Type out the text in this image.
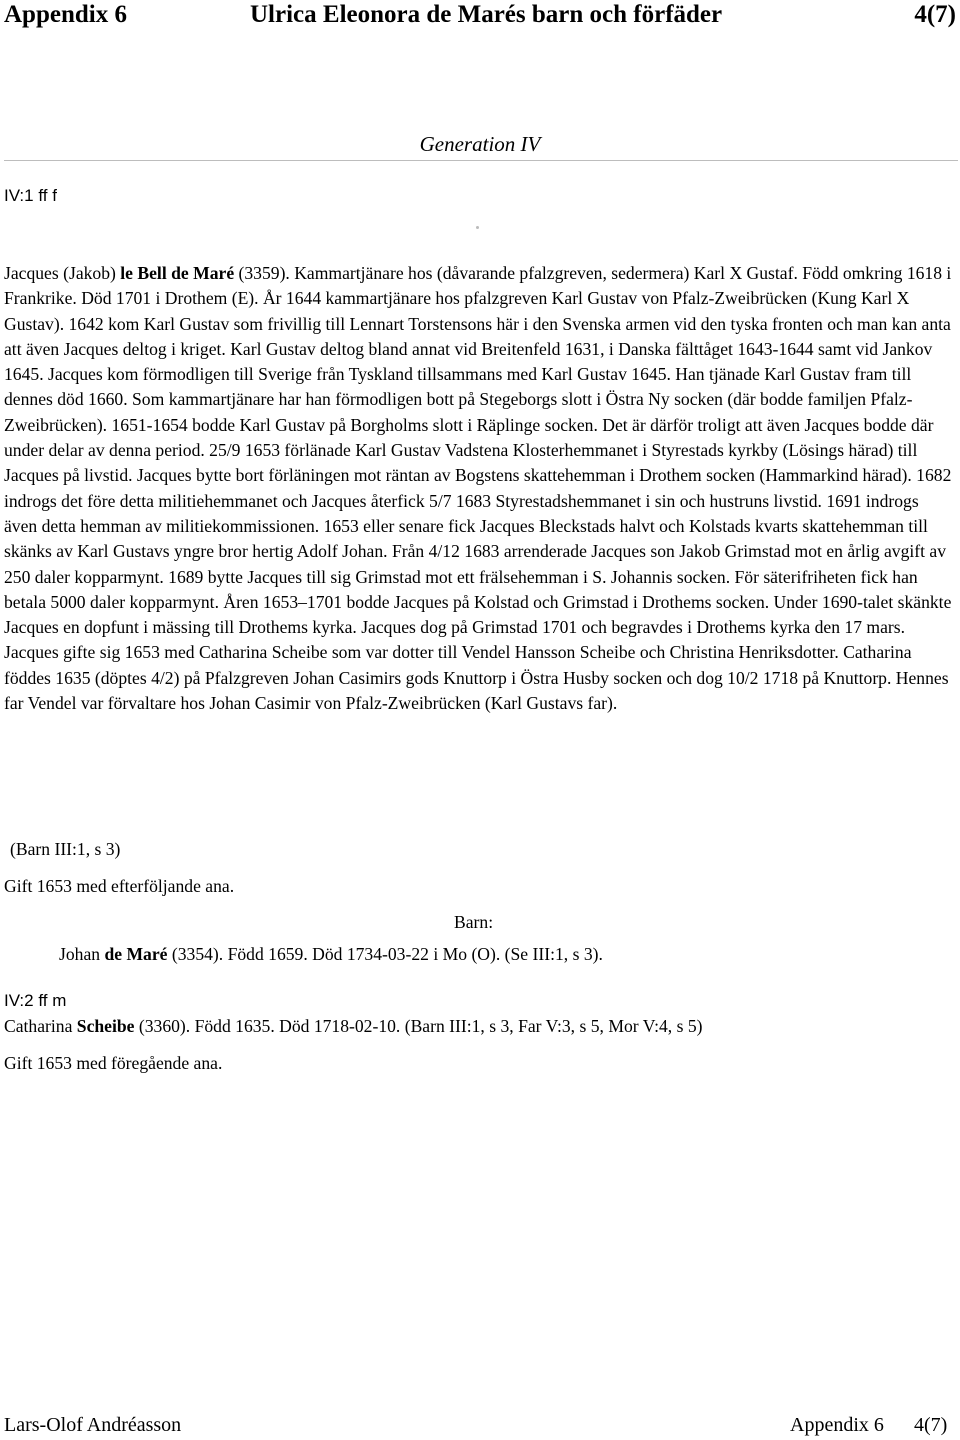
Appendix 6	Ulrica Eleonora de Marés barn och förfäder	4(7)
Generation IV
IV:1 ff f
Jacques (Jakob) le Bell de Maré (3359). Kammartjänare hos (dåvarande pfalzgreven, sedermera) Karl X Gustaf. Född omkring 1618 i Frankrike. Död 1701 i Drothem (E). År 1644 kammartjänare hos pfalzgreven Karl Gustav von Pfalz-Zweibrücken (Kung Karl X Gustav). 1642 kom Karl Gustav som frivillig till Lennart Torstensons här i den Svenska armen vid den tyska fronten och man kan anta att även Jacques deltog i kriget. Karl Gustav deltog bland annat vid Breitenfeld 1631, i Danska fälttåget 1643-1644 samt vid Jankov 1645. Jacques kom förmodligen till Sverige från Tyskland tillsammans med Karl Gustav 1645. Han tjänade Karl Gustav fram till dennes död 1660. Som kammartjänare har han förmodligen bott på Stegeborgs slott i Östra Ny socken (där bodde familjen Pfalz-Zweibrücken). 1651-1654 bodde Karl Gustav på Borgholms slott i Räplinge socken. Det är därför troligt att även Jacques bodde där under delar av denna period. 25/9 1653 förlänade Karl Gustav Vadstena Klosterhemmanet i Styrestads kyrkby (Lösings härad) till Jacques på livstid. Jacques bytte bort förläningen mot räntan av Bogstens skattehemman i Drothem socken (Hammarkind härad). 1682 indrogs det före detta militiehemmanet och Jacques återfick 5/7 1683 Styrestadshemmanet i sin och hustruns livstid. 1691 indrogs även detta hemman av militiekommissionen. 1653 eller senare fick Jacques Bleckstads halvt och Kolstads kvarts skattehemman till skänks av Karl Gustavs yngre bror hertig Adolf Johan. Från 4/12 1683 arrenderade Jacques son Jakob Grimstad mot en årlig avgift av 250 daler kopparmynt. 1689 bytte Jacques till sig Grimstad mot ett frälsehemman i S. Johannis socken. För säterifriheten fick han betala 5000 daler kopparmynt. Åren 1653–1701 bodde Jacques på Kolstad och Grimstad i Drothems socken. Under 1690-talet skänkte Jacques en dopfunt i mässing till Drothems kyrka. Jacques dog på Grimstad 1701 och begravdes i Drothems kyrka den 17 mars. Jacques gifte sig 1653 med Catharina Scheibe som var dotter till Vendel Hansson Scheibe och Christina Henriksdotter. Catharina föddes 1635 (döptes 4/2) på Pfalzgreven Johan Casimirs gods Knuttorp i Östra Husby socken och dog 10/2 1718 på Knuttorp. Hennes far Vendel var förvaltare hos Johan Casimir von Pfalz-Zweibrücken (Karl Gustavs far).
(Barn III:1, s 3)
Gift 1653 med efterföljande ana.
Barn:
Johan de Maré (3354). Född 1659. Död 1734-03-22 i Mo (O). (Se III:1, s 3).
IV:2 ff m
Catharina Scheibe (3360). Född 1635. Död 1718-02-10. (Barn III:1, s 3, Far V:3, s 5, Mor V:4, s 5)
Gift 1653 med föregående ana.
Lars-Olof Andréasson	Appendix 6 4(7)
